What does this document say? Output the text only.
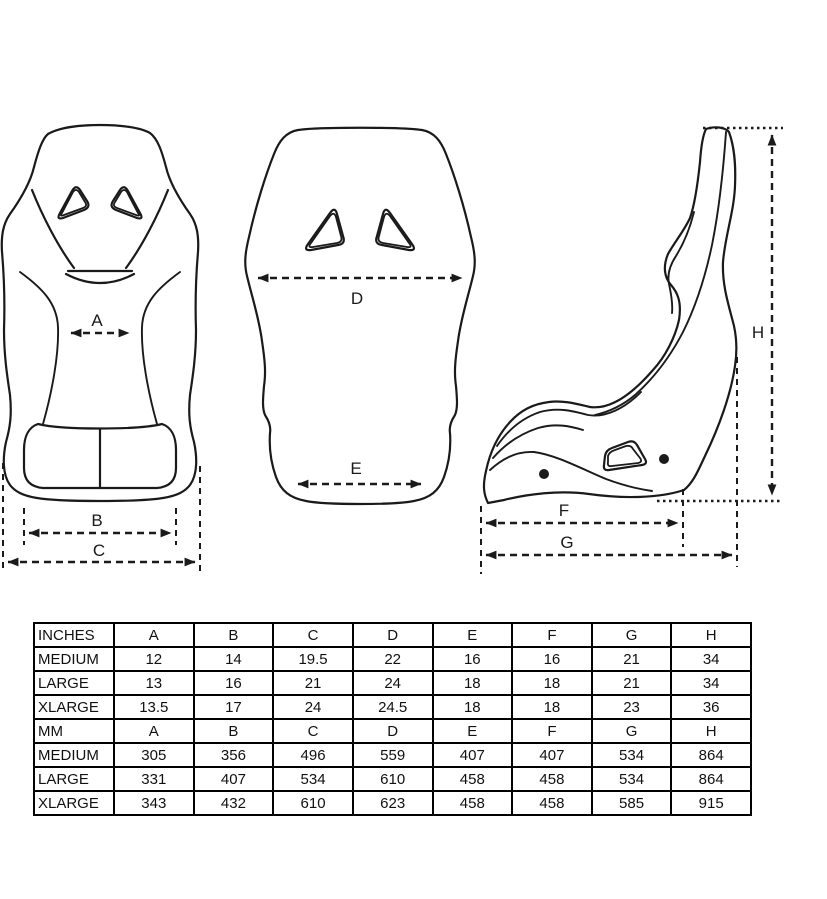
A
B
C
D
E
H
F
G
INCHES	A	B	C	D	E	F	G	H
MEDIUM	12	14	19.5	22	16	16	21	34
LARGE	13	16	21	24	18	18	21	34
XLARGE	13.5	17	24	24.5	18	18	23	36
MM	A	B	C	D	E	F	G	H
MEDIUM	305	356	496	559	407	407	534	864
LARGE	331	407	534	610	458	458	534	864
XLARGE	343	432	610	623	458	458	585	915
